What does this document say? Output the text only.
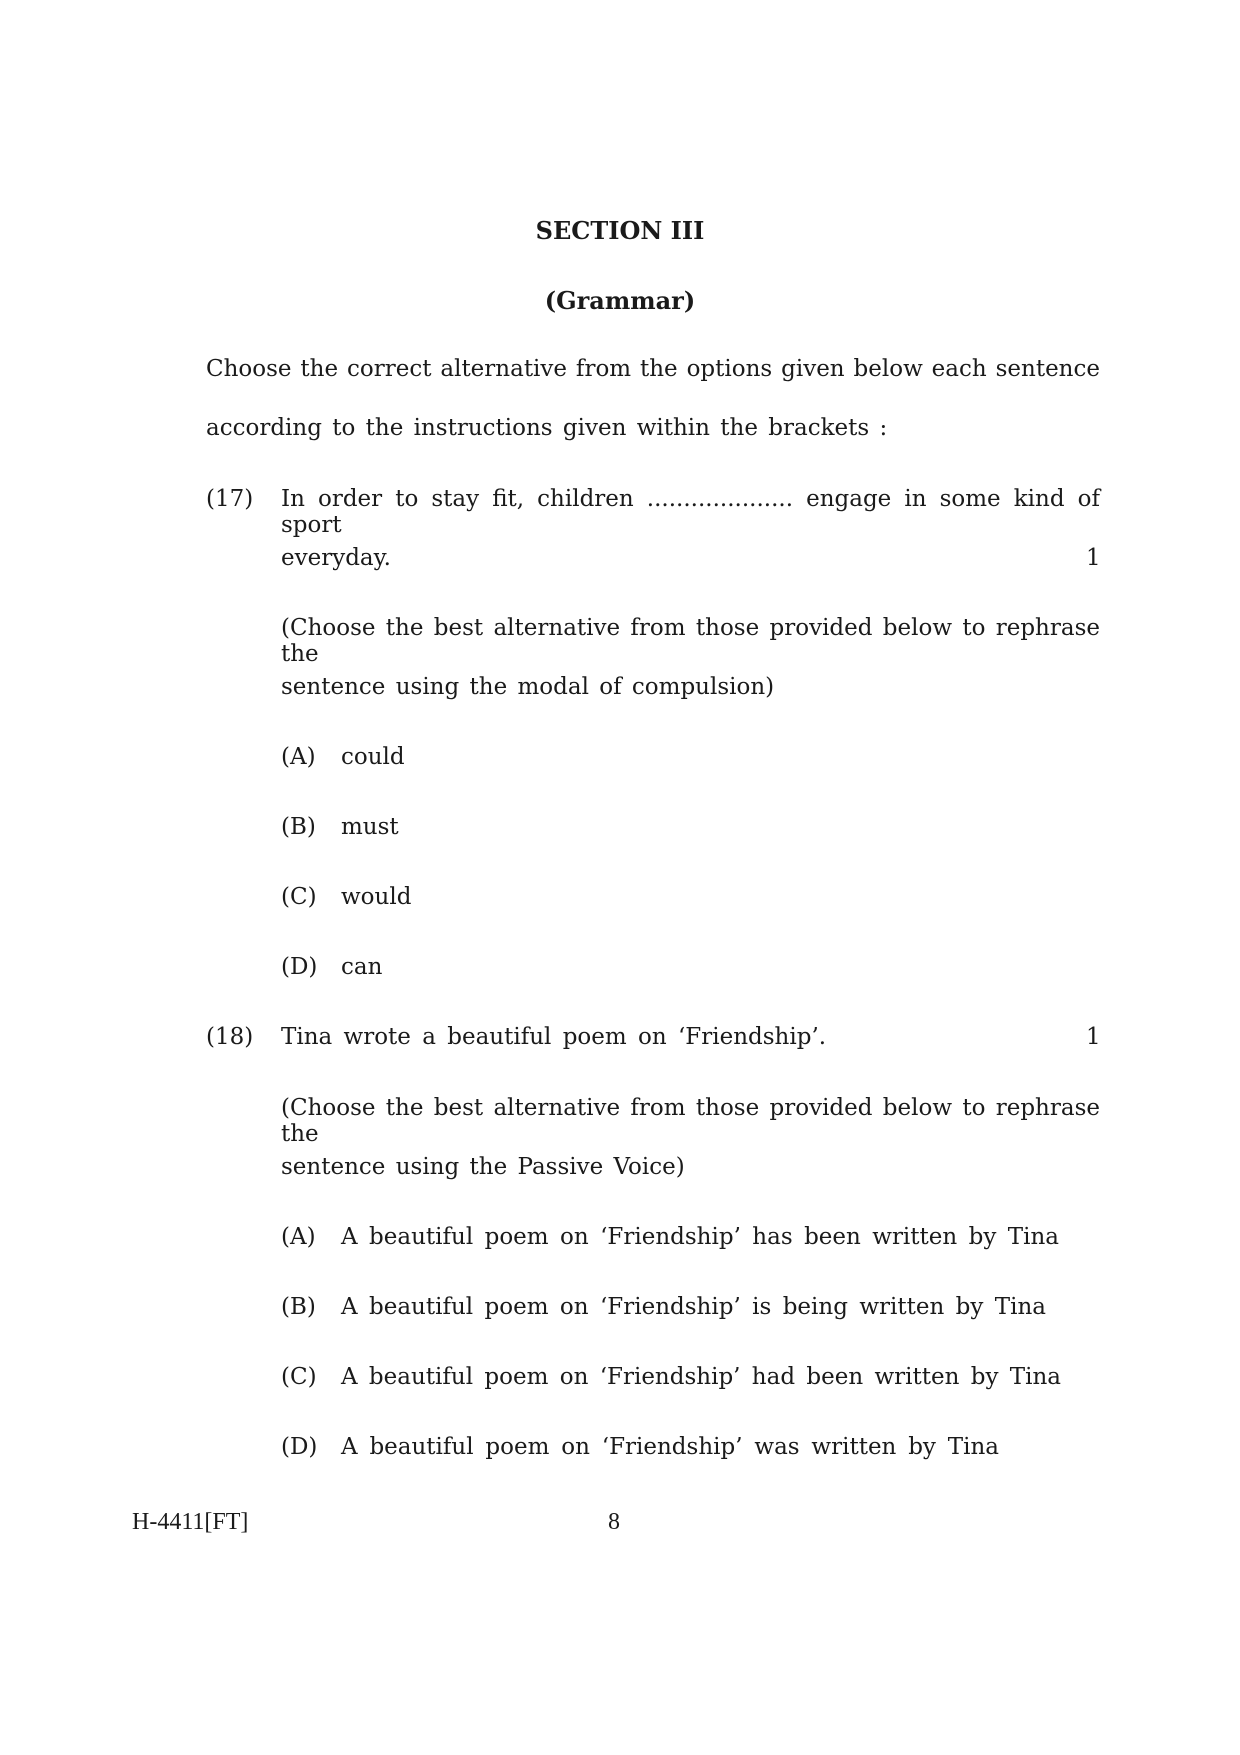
SECTION III
(Grammar)
Choose the correct alternative from the options given below each sentence
according to the instructions given within the brackets :
(17) In order to stay fit, children .................... engage in some kind of sport
everyday.	1
(Choose the best alternative from those provided below to rephrase the
sentence using the modal of compulsion)
(A) could
(B) must
(C) would
(D) can
(18) Tina wrote a beautiful poem on ‘Friendship’.	1
(Choose the best alternative from those provided below to rephrase the
sentence using the Passive Voice)
(A) A beautiful poem on ‘Friendship’ has been written by Tina
(B) A beautiful poem on ‘Friendship’ is being written by Tina
(C) A beautiful poem on ‘Friendship’ had been written by Tina
(D) A beautiful poem on ‘Friendship’ was written by Tina
H-4411[FT]	8
